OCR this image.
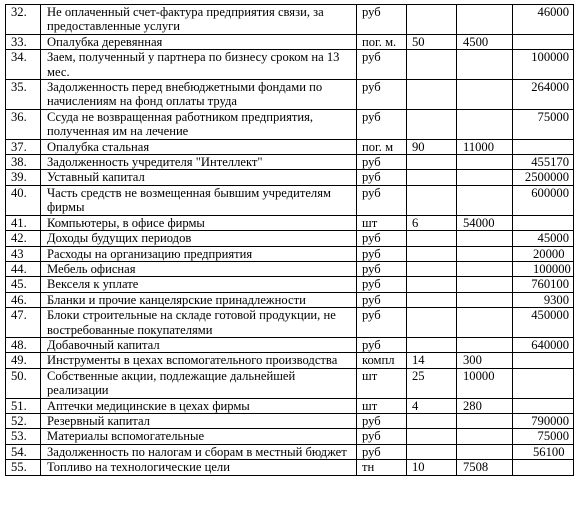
32.	Не оплаченный счет-фактура предприятия связи, за предоставленные услуги	руб			46000

33.	Опалубка деревянная	пог. м.	50	4500	

34.	Заем, полученный у партнера по бизнесу сроком на 13 мес.	руб			100000

35.	Задолженность перед внебюджетными фондами по начислениям на фонд оплаты труда	руб			264000

36.	Ссуда не возвращенная работником предприятия, полученная им на лечение	руб			75000

37.	Опалубка стальная	пог. м	90	11000	

38.	Задолженность учредителя "Интеллект"	руб			455170

39.	Уставный капитал	руб			2500000

40.	Часть средств не возмещенная бывшим учредителям фирмы	руб			600000

41.	Компьютеры, в офисе фирмы	шт	6	54000	

42.	Доходы будущих периодов	руб			45000

43	Расходы на организацию предприятия	руб			20000

44.	Мебель офисная	руб			100000

45.	Векселя к уплате	руб			760100

46.	Бланки и прочие канцелярские принадлежности	руб			9300

47.	Блоки строительные на складе готовой продукции, не востребованные покупателями	руб			450000

48.	Добавочный капитал	руб			640000

49.	Инструменты в цехах вспомогательного производства	компл	14	300	

50.	Собственные акции, подлежащие дальнейшей реализации	шт	25	10000	

51.	Аптечки медицинские в цехах фирмы	шт	4	280	

52.	Резервный капитал	руб			790000

53.	Материалы вспомогательные	руб			75000

54.	Задолженность по налогам и сборам в местный бюджет	руб			56100

55.	Топливо на технологические цели	тн	10	7508	
